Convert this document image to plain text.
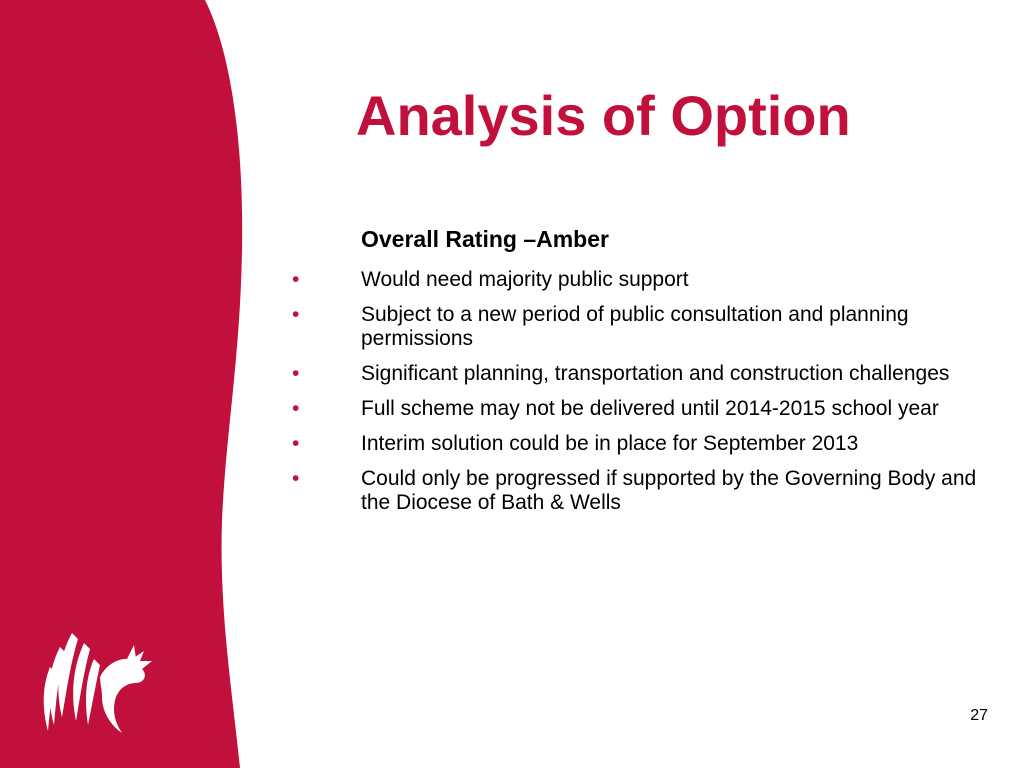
Analysis of Option

Overall Rating –Amber

•	Would need majority public support
•	Subject to a new period of public consultation and planning permissions
•	Significant planning, transportation and construction challenges
•	Full scheme may not be delivered until 2014-2015 school year
•	Interim solution could be in place for September 2013
•	Could only be progressed if supported by the Governing Body and the Diocese of Bath & Wells
27
